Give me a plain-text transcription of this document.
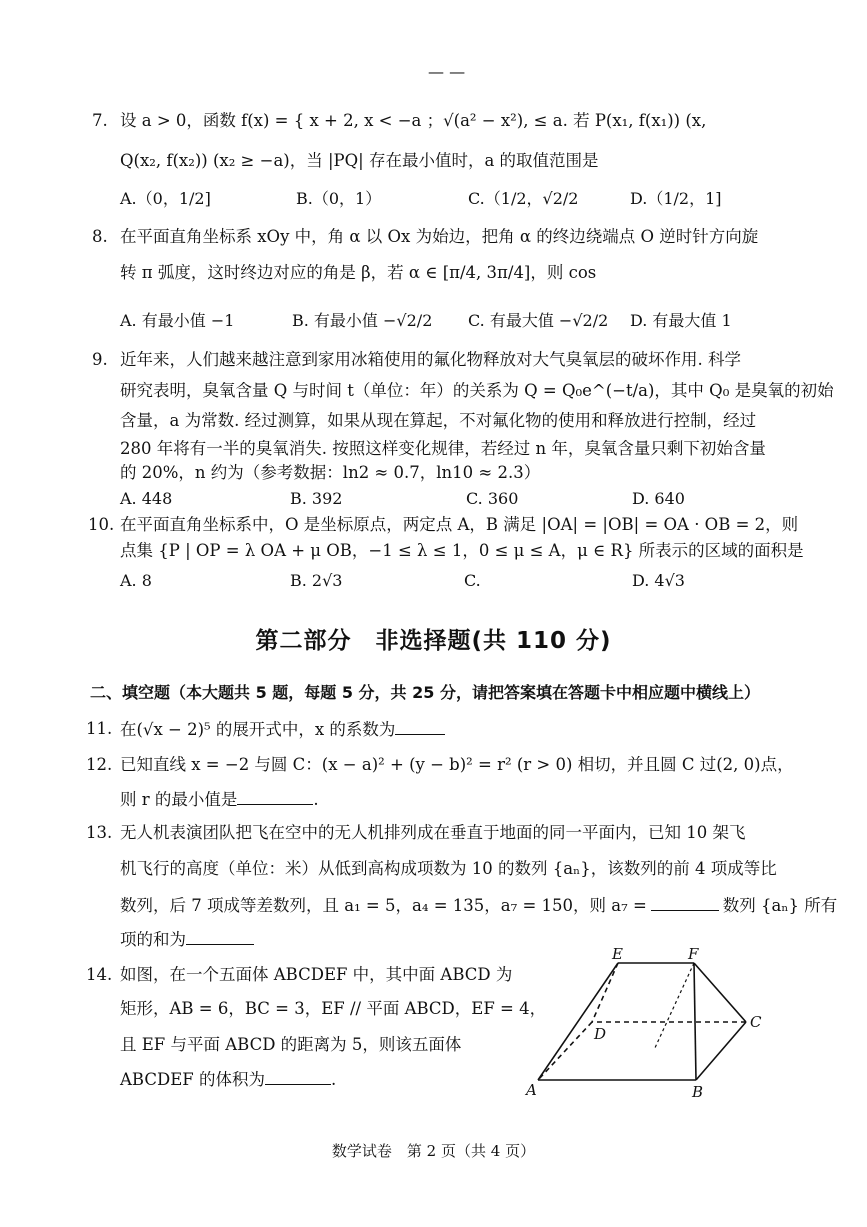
— —
7. 设 a > 0，函数 f(x) = { x + 2, x < −a ；√(a² − x²), ≤ a. 若 P(x₁, f(x₁)) (x,
Q(x₂, f(x₂)) (x₂ ≥ −a)，当 |PQ| 存在最小值时，a 的取值范围是
A.（0，1/2]	B.（0，1）	C.（1/2，√2/2	D.（1/2，1]
8. 在平面直角坐标系 xOy 中，角 α 以 Ox 为始边，把角 α 的终边绕端点 O 逆时针方向旋
转 π 弧度，这时终边对应的角是 β，若 α ∈ [π/4, 3π/4]，则 cos
A. 有最小值 −1	B. 有最小值 −√2/2 C. 有最大值 −√2/2 D. 有最大值 1
9. 近年来，人们越来越注意到家用冰箱使用的氟化物释放对大气臭氧层的破坏作用. 科学
研究表明，臭氧含量 Q 与时间 t（单位：年）的关系为 Q = Q₀e^(−t/a)，其中 Q₀ 是臭氧的初始
含量，a 为常数. 经过测算，如果从现在算起，不对氟化物的使用和释放进行控制，经过
280 年将有一半的臭氧消失. 按照这样变化规律，若经过 n 年，臭氧含量只剩下初始含量
的 20%，n 约为（参考数据：ln2 ≈ 0.7，ln10 ≈ 2.3）
A. 448	B. 392	C. 360	D. 640
10. 在平面直角坐标系中，O 是坐标原点，两定点 A，B 满足 |OA| = |OB| = OA · OB = 2，则
点集 {P | OP = λ OA + μ OB，−1 ≤ λ ≤ 1，0 ≤ μ ≤ A，μ ∈ R} 所表示的区域的面积是
A. 8	B. 2√3	C.	D. 4√3
第二部分　非选择题(共 110 分)
二、填空题（本大题共 5 题，每题 5 分，共 25 分，请把答案填在答题卡中相应题中横线上）
11. 在(√x − 2)⁵ 的展开式中，x 的系数为
12. 已知直线 x = −2 与圆 C：(x − a)² + (y − b)² = r² (r > 0) 相切，并且圆 C 过(2, 0)点，
则 r 的最小值是	.
13. 无人机表演团队把飞在空中的无人机排列成在垂直于地面的同一平面内，已知 10 架飞
机飞行的高度（单位：米）从低到高构成项数为 10 的数列 {aₙ}，该数列的前 4 项成等比
数列，后 7 项成等差数列，且 a₁ = 5，a₄ = 135，a₇ = 150，则 a₇ =	数列 {aₙ} 所有
项的和为
14. 如图，在一个五面体 ABCDEF 中，其中面 ABCD 为
矩形，AB = 6，BC = 3，EF // 平面 ABCD，EF = 4，
且 EF 与平面 ABCD 的距离为 5，则该五面体
ABCDEF 的体积为	.
E	F
D
C
A	B
数学试卷　第 2 页（共 4 页）
